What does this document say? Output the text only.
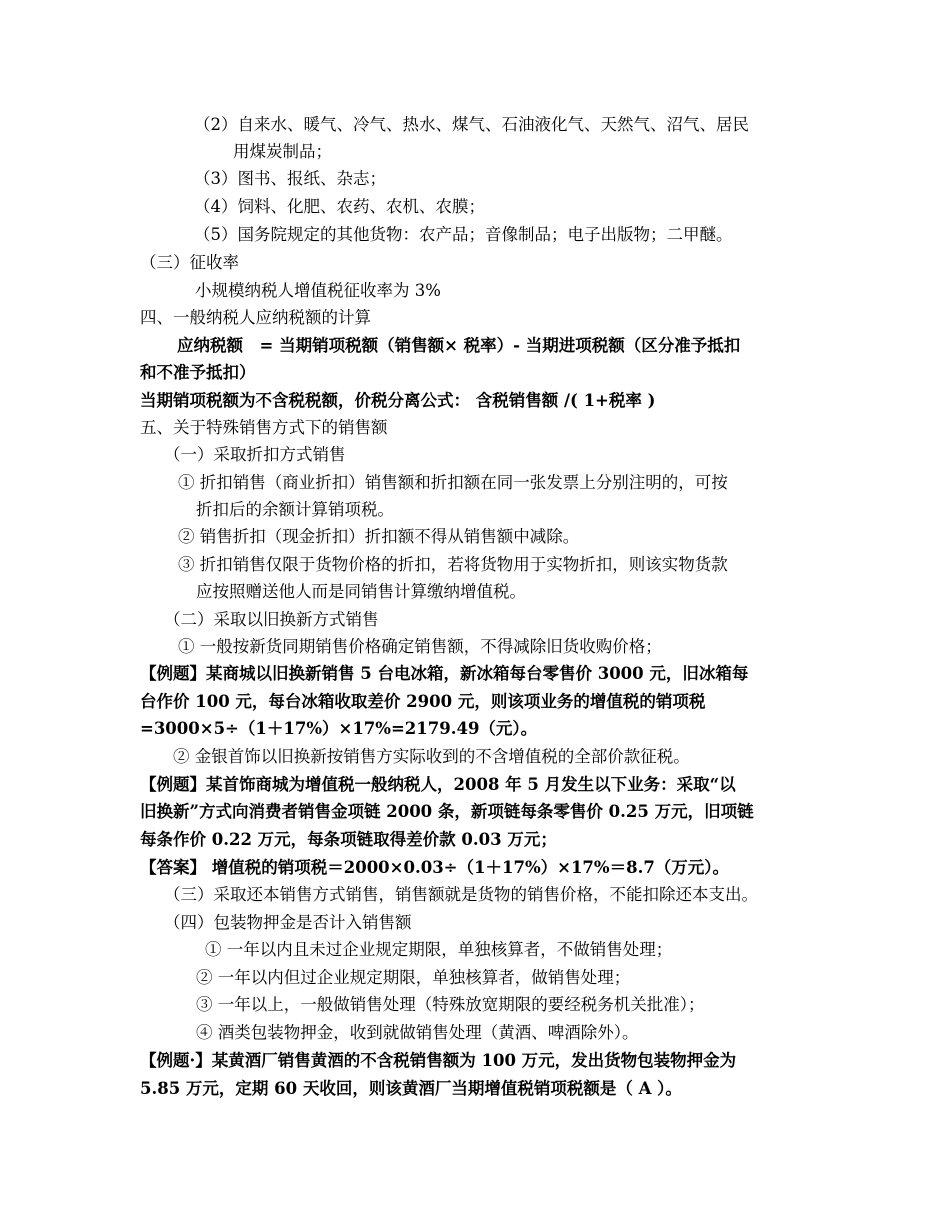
（2）自来水、暖气、冷气、热水、煤气、石油液化气、天然气、沼气、居民
用煤炭制品；
（3）图书、报纸、杂志；
（4）饲料、化肥、农药、农机、农膜；
（5）国务院规定的其他货物：农产品；音像制品；电子出版物；二甲醚。
（三）征收率
小规模纳税人增值税征收率为 3%
四、一般纳税人应纳税额的计算
应纳税额　= 当期销项税额（销售额× 税率）- 当期进项税额（区分准予抵扣
和不准予抵扣）
当期销项税额为不含税税额，价税分离公式： 含税销售额 /( 1+税率 )
五、关于特殊销售方式下的销售额
（一）采取折扣方式销售
① 折扣销售（商业折扣）销售额和折扣额在同一张发票上分别注明的，可按
折扣后的余额计算销项税。
② 销售折扣（现金折扣）折扣额不得从销售额中减除。
③ 折扣销售仅限于货物价格的折扣，若将货物用于实物折扣，则该实物货款
应按照赠送他人而是同销售计算缴纳增值税。
（二）采取以旧换新方式销售
① 一般按新货同期销售价格确定销售额，不得减除旧货收购价格；
【例题】某商城以旧换新销售 5 台电冰箱，新冰箱每台零售价 3000 元，旧冰箱每
台作价 100 元，每台冰箱收取差价 2900 元，则该项业务的增值税的销项税
=3000×5÷（1＋17%）×17%=2179.49（元）。
② 金银首饰以旧换新按销售方实际收到的不含增值税的全部价款征税。
【例题】某首饰商城为增值税一般纳税人，2008 年 5 月发生以下业务：采取“以
旧换新”方式向消费者销售金项链 2000 条，新项链每条零售价 0.25 万元，旧项链
每条作价 0.22 万元，每条项链取得差价款 0.03 万元；
【答案】 增值税的销项税＝2000×0.03÷（1＋17%）×17%＝8.7（万元）。
（三）采取还本销售方式销售，销售额就是货物的销售价格，不能扣除还本支出。
（四）包装物押金是否计入销售额
① 一年以内且未过企业规定期限，单独核算者，不做销售处理；
② 一年以内但过企业规定期限，单独核算者，做销售处理；
③ 一年以上，一般做销售处理（特殊放宽期限的要经税务机关批准）；
④ 酒类包装物押金，收到就做销售处理（黄酒、啤酒除外）。
【例题·】某黄酒厂销售黄酒的不含税销售额为 100 万元，发出货物包装物押金为
5.85 万元，定期 60 天收回，则该黄酒厂当期增值税销项税额是（ A ）。
